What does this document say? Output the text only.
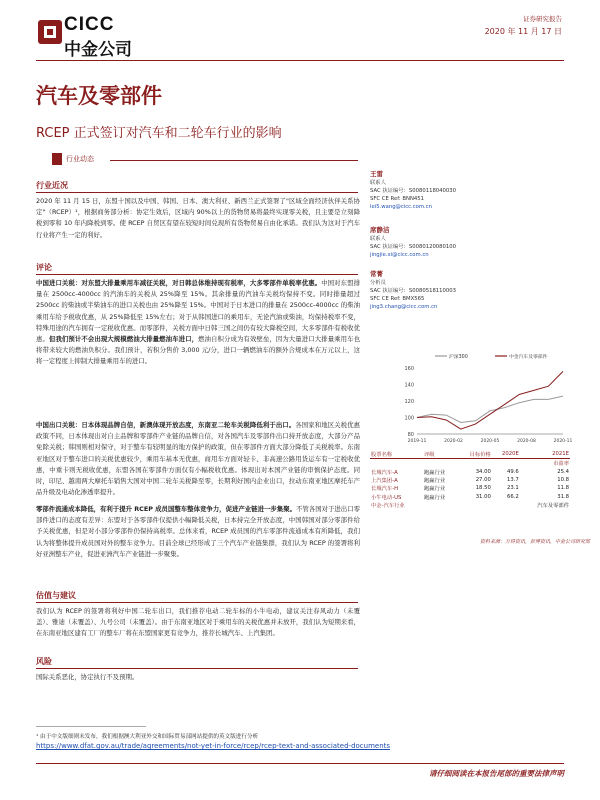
CICC
中金公司
证券研究报告
2020 年 11 月 17 日
汽车及零部件
RCEP 正式签订对汽车和二轮车行业的影响
行业动态
行业近况
2020 年 11 月 15 日，东盟十国以及中国、韩国、日本、澳大利亚、新西兰正式签署了"区域全面经济伙伴关系协定"（RCEP）¹，根据商务部分析：协定生效后，区域内 90%以上的货物贸易将最终实现零关税，且主要是立刻降税到零和 10 年内降税到零。使 RCEP 自贸区有望在较短时间兑现所有货物贸易自由化承诺。我们认为这对于汽车行业将产生一定的利好。
评论
中国进口关税：对东盟大排量乘用车减征关税，对日韩总体维持现有税率，大多零部件单税率优惠。中国对东盟排量在 2500cc-4000cc 的汽油车的关税从 25%降至 15%。其余排量的汽油车关税均保持不变。同时排量超过 2500cc 的柴油或半柴油车的进口关税也由 25%降至 15%。中国对于日本进口的排量在 2500cc-4000cc 的柴油乘用车给予税收优惠，从 25%降低至 15%左右；对于从韩国进口的乘用车，无论汽油或柴油，均保持税率不变，特殊用途的汽车拥有一定税收优惠。而零部件，关税方面中日韩三国之间仍有较大降税空间，大多零部件有税收优惠。但我们预计不会出现大规模燃油大排量燃油车进口，燃油自积分成为有效壁垒，因为大量进口大排量乘用车也将带来较大的燃油负积分。我们预计，若积分售价 3,000 元/分，进口一辆燃油车的额外合规成本在万元以上，这将一定程度上抑制大排量乘用车的进口。
中国出口关税：日本体现品牌自信，新澳体现开放态度，东南亚二轮车关税降低利于出口。各国家和地区关税优惠政策不同，日本体现出对自主品牌和零部件产业链的品牌自信，对各国汽车及零部件出口持开放态度，大部分产品免除关税；韩国则相对保守，对于整车有较明显的地方保护的政策，但在零部件方面大部分降低了关税税率。东南亚地区对于整车进口的关税优惠较少，乘用车基本无优惠，商用车方面对轻卡、非高速公路用货运车有一定税收优惠，中重卡则无税收优惠，东盟各国在零部件方面仅有小幅税收优惠。体现出对本国产业链的审慎保护态度。同时，印尼、越南两大摩托车销售大国对中国二轮车关税降至零，长期利好国内企业出口，拉动东南亚地区摩托车产品升级及电动化渗透率提升。
零部件流通成本降低，有利于提升 RCEP 成员国整车整体竞争力，促进产业链进一步集聚。不管各国对于进出口零部件进口的态度有差异：东盟对于各零部件仅提供小幅降低关税，日本持完全开放态度，中国韩国对部分零部件给予关税优惠，但是对小部分零部件仍保持高税率。总体来看，RCEP 成员国的汽车零部件流通成本有所降低，我们认为将整体提升成员国对外的整车竞争力。目前全球已经形成了三个汽车产业链集群，我们认为 RCEP 的签署将利好亚洲整车产业，促进亚洲汽车产业链进一步聚集。
估值与建议
我们认为 RCEP 的签署将利好中国二轮车出口，我们推荐电动二轮车标的小牛电动，建议关注春风动力（未覆盖）、雅迪（未覆盖）、九号公司（未覆盖）。由于东南亚地区对于乘用车的关税优惠并未放开，我们认为短期来看，在东南亚地区建有工厂的整车厂将在东盟国家更有竞争力，推荐长城汽车、上汽集团。
风险
国际关系恶化，协定执行不及预期。
王雷
联系人
SAC 执证编号：S0080118040030
SFC CE Ref: BNN451
lei5.wang@cicc.com.cn
席静洁
联系人
SAC 执证编号：S0080120080100
jingjie.xi@cicc.com.cn
常菁
分析员
SAC 执证编号：S0080518110003
SFC CE Ref: BMX565
jing3.chang@cicc.com.cn
沪深300	中金汽车及零部件
80
100
120
140
160
2019-11	2020-02	2020-05	2020-08	2020-11
股票名称	评级	目标价格	2020E	2021E
			市盈率	
长城汽车-A	跑赢行业	34.00	49.6	25.4
上汽集团-A	跑赢行业	27.00	13.7	10.8
长城汽车-H	跑赢行业	18.50	23.1	11.8
小牛电动-US	跑赢行业	31.00	66.2	31.8
中金-汽车行业				汽车及零部件
资料来源：万得资讯，彭博资讯，中金公司研究部
¹ 由于中文版细则未发布，我们根据澳大利亚外交和国际贸易部网站提供的英文版进行分析
https://www.dfat.gov.au/trade/agreements/not-yet-in-force/rcep/rcep-text-and-associated-documents
请仔细阅读在本报告尾部的重要法律声明
